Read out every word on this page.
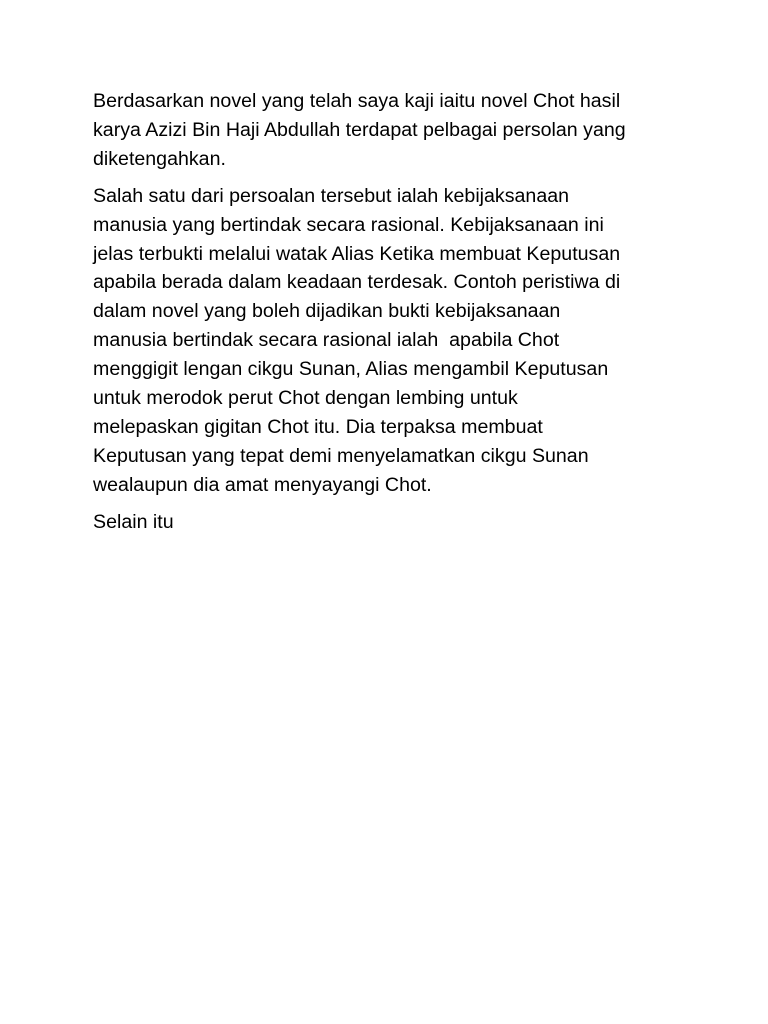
Berdasarkan novel yang telah saya kaji iaitu novel Chot hasil
karya Azizi Bin Haji Abdullah terdapat pelbagai persolan yang
diketengahkan.

Salah satu dari persoalan tersebut ialah kebijaksanaan
manusia yang bertindak secara rasional. Kebijaksanaan ini
jelas terbukti melalui watak Alias Ketika membuat Keputusan
apabila berada dalam keadaan terdesak. Contoh peristiwa di
dalam novel yang boleh dijadikan bukti kebijaksanaan
manusia bertindak secara rasional ialah  apabila Chot
menggigit lengan cikgu Sunan, Alias mengambil Keputusan
untuk merodok perut Chot dengan lembing untuk
melepaskan gigitan Chot itu. Dia terpaksa membuat
Keputusan yang tepat demi menyelamatkan cikgu Sunan
wealaupun dia amat menyayangi Chot.

Selain itu
